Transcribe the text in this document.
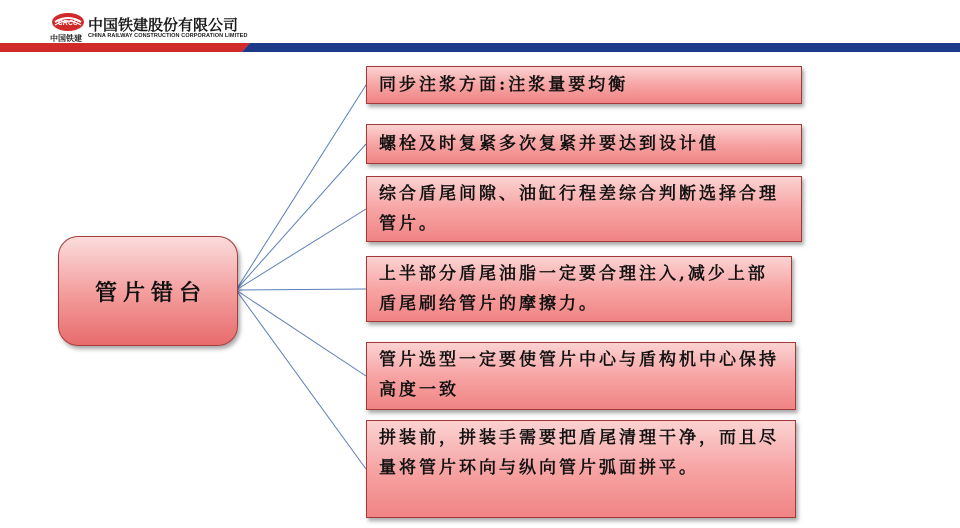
CRCC
中国铁建
中国铁建股份有限公司
CHINA RAILWAY CONSTRUCTION CORPORATION LIMITED
管片错台
同步注浆方面:注浆量要均衡
螺栓及时复紧多次复紧并要达到设计值
综合盾尾间隙、油缸行程差综合判断选择合理管片。
上半部分盾尾油脂一定要合理注入,减少上部盾尾刷给管片的摩擦力。
管片选型一定要使管片中心与盾构机中心保持高度一致
拼装前，拼装手需要把盾尾清理干净，而且尽量将管片环向与纵向管片弧面拼平。
